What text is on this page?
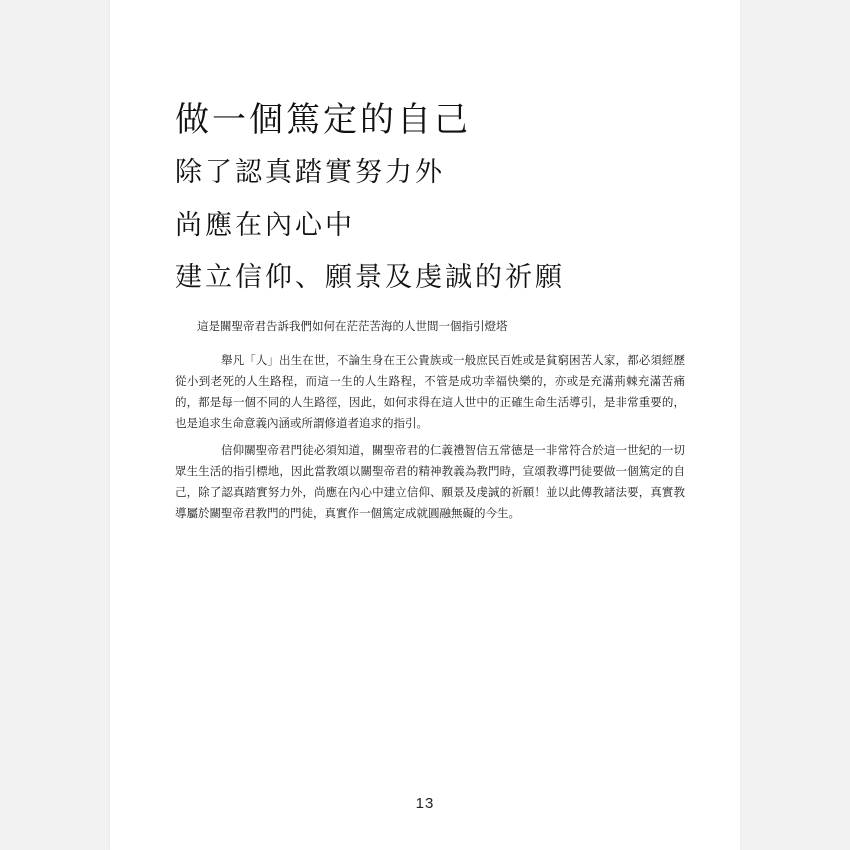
做一個篤定的自己
除了認真踏實努力外
尚應在內心中
建立信仰、願景及虔誠的祈願
這是關聖帝君告訴我們如何在茫茫苦海的人世間一個指引燈塔
舉凡「人」出生在世，不論生身在王公貴族或一般庶民百姓或是貧窮困苦人家，都必須經歷從小到老死的人生路程，而這一生的人生路程，不管是成功幸福快樂的，亦或是充滿荊棘充滿苦痛的，都是每一個不同的人生路徑，因此，如何求得在這人世中的正確生命生活導引，是非常重要的，也是追求生命意義內涵或所謂修道者追求的指引。
信仰關聖帝君門徒必須知道，關聖帝君的仁義禮智信五常德是一非常符合於這一世紀的一切眾生生活的指引標地，因此當教頌以關聖帝君的精神教義為教門時，宣頌教導門徒要做一個篤定的自己，除了認真踏實努力外，尚應在內心中建立信仰、願景及虔誠的祈願！並以此傳教諸法要，真實教導屬於關聖帝君教門的門徒，真實作一個篤定成就圓融無礙的今生。
13
